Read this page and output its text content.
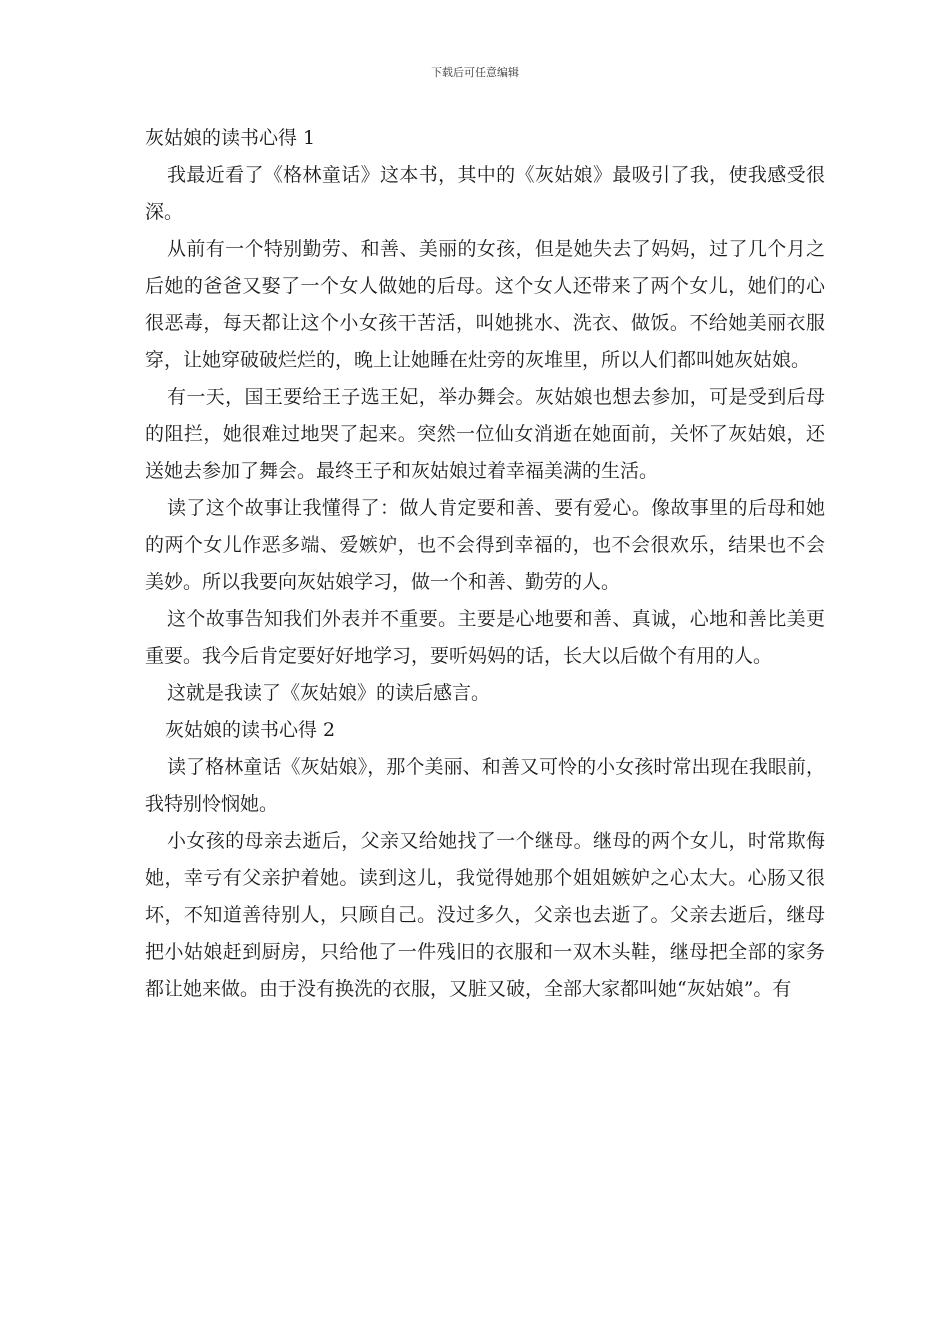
下载后可任意编辑

灰姑娘的读书心得 1

我最近看了《格林童话》这本书，其中的《灰姑娘》最吸引了我，使我感受很深。

从前有一个特别勤劳、和善、美丽的女孩，但是她失去了妈妈，过了几个月之后她的爸爸又娶了一个女人做她的后母。这个女人还带来了两个女儿，她们的心很恶毒，每天都让这个小女孩干苦活，叫她挑水、洗衣、做饭。不给她美丽衣服穿，让她穿破破烂烂的，晚上让她睡在灶旁的灰堆里，所以人们都叫她灰姑娘。

有一天，国王要给王子选王妃，举办舞会。灰姑娘也想去参加，可是受到后母的阻拦，她很难过地哭了起来。突然一位仙女消逝在她面前，关怀了灰姑娘，还送她去参加了舞会。最终王子和灰姑娘过着幸福美满的生活。

读了这个故事让我懂得了：做人肯定要和善、要有爱心。像故事里的后母和她的两个女儿作恶多端、爱嫉妒，也不会得到幸福的，也不会很欢乐，结果也不会美妙。所以我要向灰姑娘学习，做一个和善、勤劳的人。

这个故事告知我们外表并不重要。主要是心地要和善、真诚，心地和善比美更重要。我今后肯定要好好地学习，要听妈妈的话，长大以后做个有用的人。

这就是我读了《灰姑娘》的读后感言。

灰姑娘的读书心得 2

读了格林童话《灰姑娘》，那个美丽、和善又可怜的小女孩时常出现在我眼前，我特别怜悯她。

小女孩的母亲去逝后，父亲又给她找了一个继母。继母的两个女儿，时常欺侮她，幸亏有父亲护着她。读到这儿，我觉得她那个姐姐嫉妒之心太大。心肠又很坏，不知道善待别人，只顾自己。没过多久，父亲也去逝了。父亲去逝后，继母把小姑娘赶到厨房，只给他了一件残旧的衣服和一双木头鞋，继母把全部的家务都让她来做。由于没有换洗的衣服，又脏又破，全部大家都叫她“灰姑娘”。有
